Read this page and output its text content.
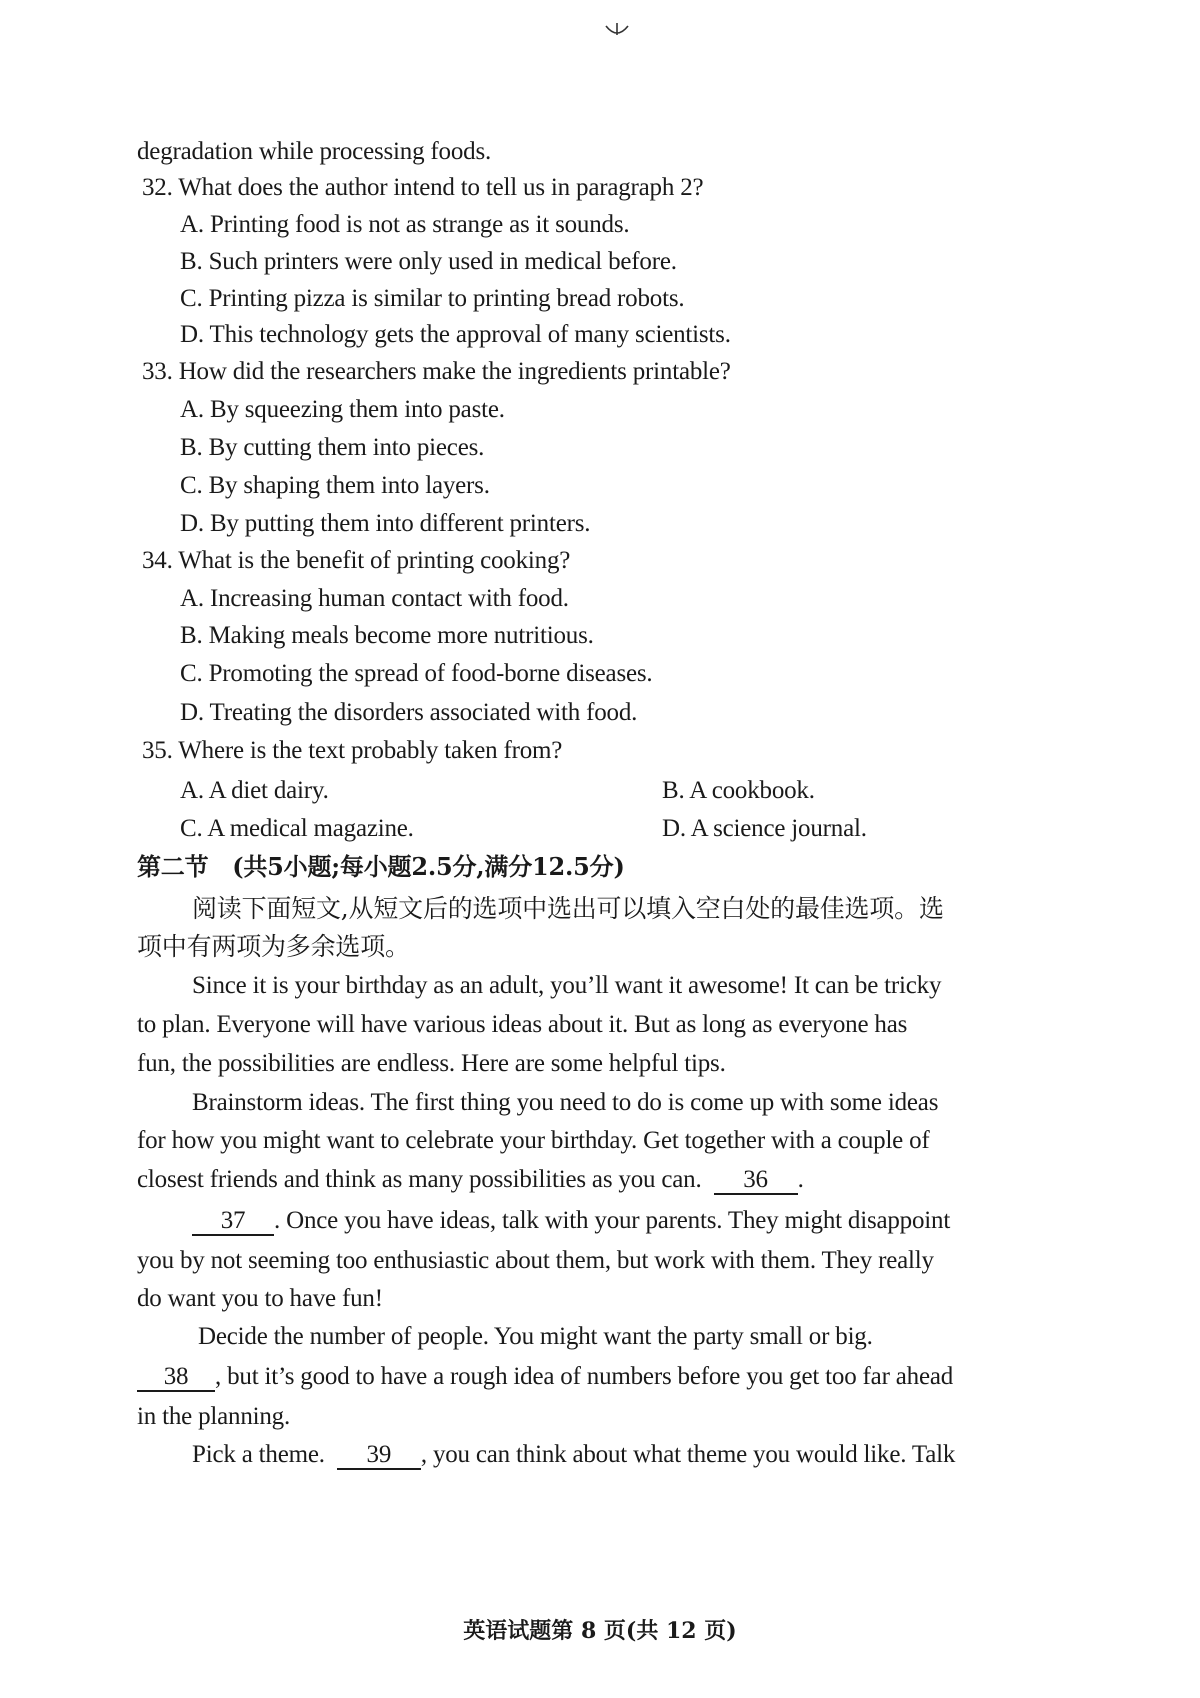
degradation while processing foods.
32. What does the author intend to tell us in paragraph 2?
A. Printing food is not as strange as it sounds.
B. Such printers were only used in medical before.
C. Printing pizza is similar to printing bread robots.
D. This technology gets the approval of many scientists.
33. How did the researchers make the ingredients printable?
A. By squeezing them into paste.
B. By cutting them into pieces.
C. By shaping them into layers.
D. By putting them into different printers.
34. What is the benefit of printing cooking?
A. Increasing human contact with food.
B. Making meals become more nutritious.
C. Promoting the spread of food-borne diseases.
D. Treating the disorders associated with food.
35. Where is the text probably taken from?
A. A diet dairy.	B. A cookbook.
C. A medical magazine.	D. A science journal.
第二节　(共5小题;每小题2.5分,满分12.5分)
阅读下面短文,从短文后的选项中选出可以填入空白处的最佳选项。选
项中有两项为多余选项。
Since it is your birthday as an adult, you’ll want it awesome! It can be tricky
to plan. Everyone will have various ideas about it. But as long as everyone has
fun, the possibilities are endless. Here are some helpful tips.
Brainstorm ideas. The first thing you need to do is come up with some ideas
for how you might want to celebrate your birthday. Get together with a couple of
closest friends and think as many possibilities as you can. 36 .
37 . Once you have ideas, talk with your parents. They might disappoint
you by not seeming too enthusiastic about them, but work with them. They really
do want you to have fun!
Decide the number of people. You might want the party small or big.
38 , but it’s good to have a rough idea of numbers before you get too far ahead
in the planning.
Pick a theme. 39 , you can think about what theme you would like. Talk
英语试题第 8 页(共 12 页)
